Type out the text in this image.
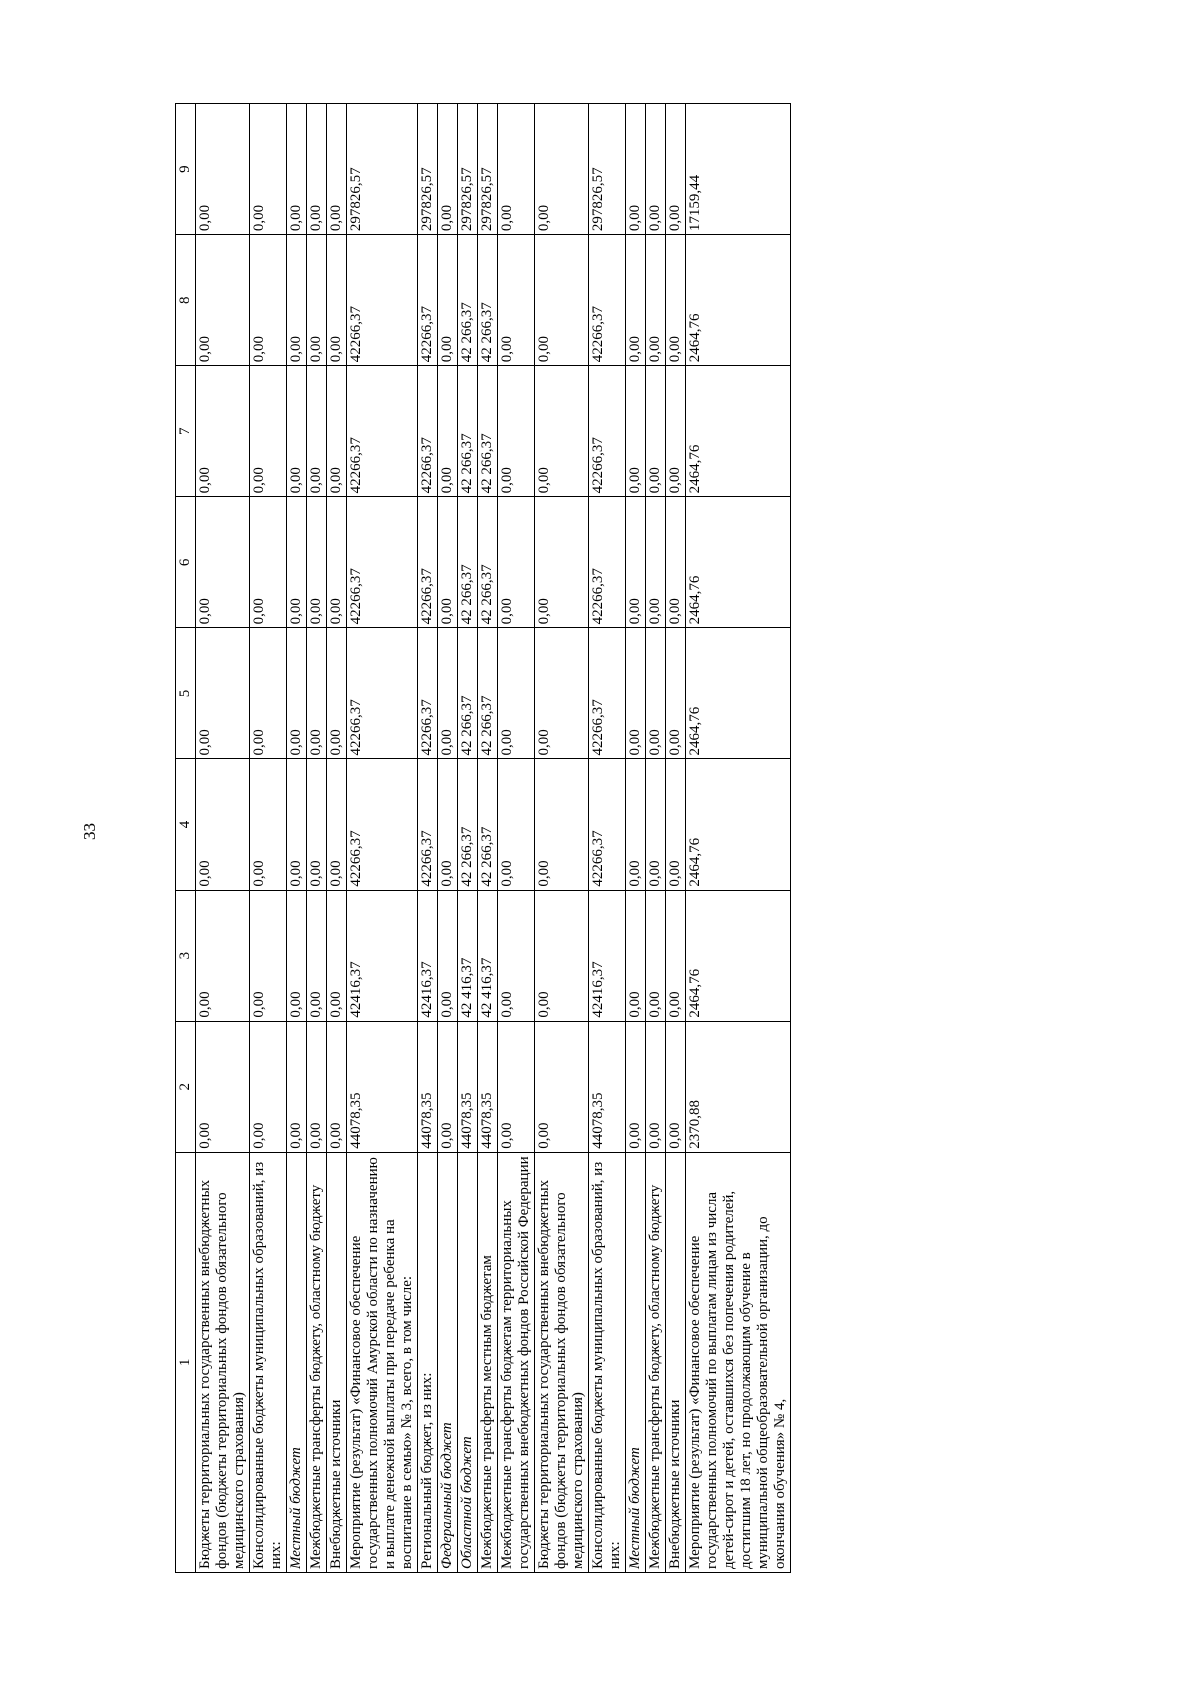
33
1	2	3	4	5	6	7	8	9
Бюджеты территориальных государственных внебюджетных фондов (бюджеты территориальных фондов обязательного медицинского страхования)	0,00	0,00	0,00	0,00	0,00	0,00	0,00	0,00
Консолидированные бюджеты муниципальных образований, из них:	0,00	0,00	0,00	0,00	0,00	0,00	0,00	0,00
Местный бюджет	0,00	0,00	0,00	0,00	0,00	0,00	0,00	0,00
Межбюджетные трансферты бюджету, областному бюджету	0,00	0,00	0,00	0,00	0,00	0,00	0,00	0,00
Внебюджетные источники	0,00	0,00	0,00	0,00	0,00	0,00	0,00	0,00
Мероприятие (результат) «Финансовое обеспечение государственных полномочий Амурской области по назначению и выплате денежной выплаты при передаче ребенка на воспитание в семью» № 3, всего, в том числе:	44078,35	42416,37	42266,37	42266,37	42266,37	42266,37	42266,37	297826,57
Региональный бюджет, из них:	44078,35	42416,37	42266,37	42266,37	42266,37	42266,37	42266,37	297826,57
Федеральный бюджет	0,00	0,00	0,00	0,00	0,00	0,00	0,00	0,00
Областной бюджет	44078,35	42 416,37	42 266,37	42 266,37	42 266,37	42 266,37	42 266,37	297826,57
Межбюджетные трансферты местным бюджетам	44078,35	42 416,37	42 266,37	42 266,37	42 266,37	42 266,37	42 266,37	297826,57
Межбюджетные трансферты бюджетам территориальных государственных внебюджетных фондов Российской Федерации	0,00	0,00	0,00	0,00	0,00	0,00	0,00	0,00
Бюджеты территориальных государственных внебюджетных фондов (бюджеты территориальных фондов обязательного медицинского страхования)	0,00	0,00	0,00	0,00	0,00	0,00	0,00	0,00
Консолидированные бюджеты муниципальных образований, из них:	44078,35	42416,37	42266,37	42266,37	42266,37	42266,37	42266,37	297826,57
Местный бюджет	0,00	0,00	0,00	0,00	0,00	0,00	0,00	0,00
Межбюджетные трансферты бюджету, областному бюджету	0,00	0,00	0,00	0,00	0,00	0,00	0,00	0,00
Внебюджетные источники	0,00	0,00	0,00	0,00	0,00	0,00	0,00	0,00
Мероприятие (результат) «Финансовое обеспечение государственных полномочий по выплатам лицам из числа детей-сирот и детей, оставшихся без попечения родителей, достигшим 18 лет, но продолжающим обучение в муниципальной общеобразовательной организации, до окончания обучения» № 4,	2370,88	2464,76	2464,76	2464,76	2464,76	2464,76	2464,76	17159,44
